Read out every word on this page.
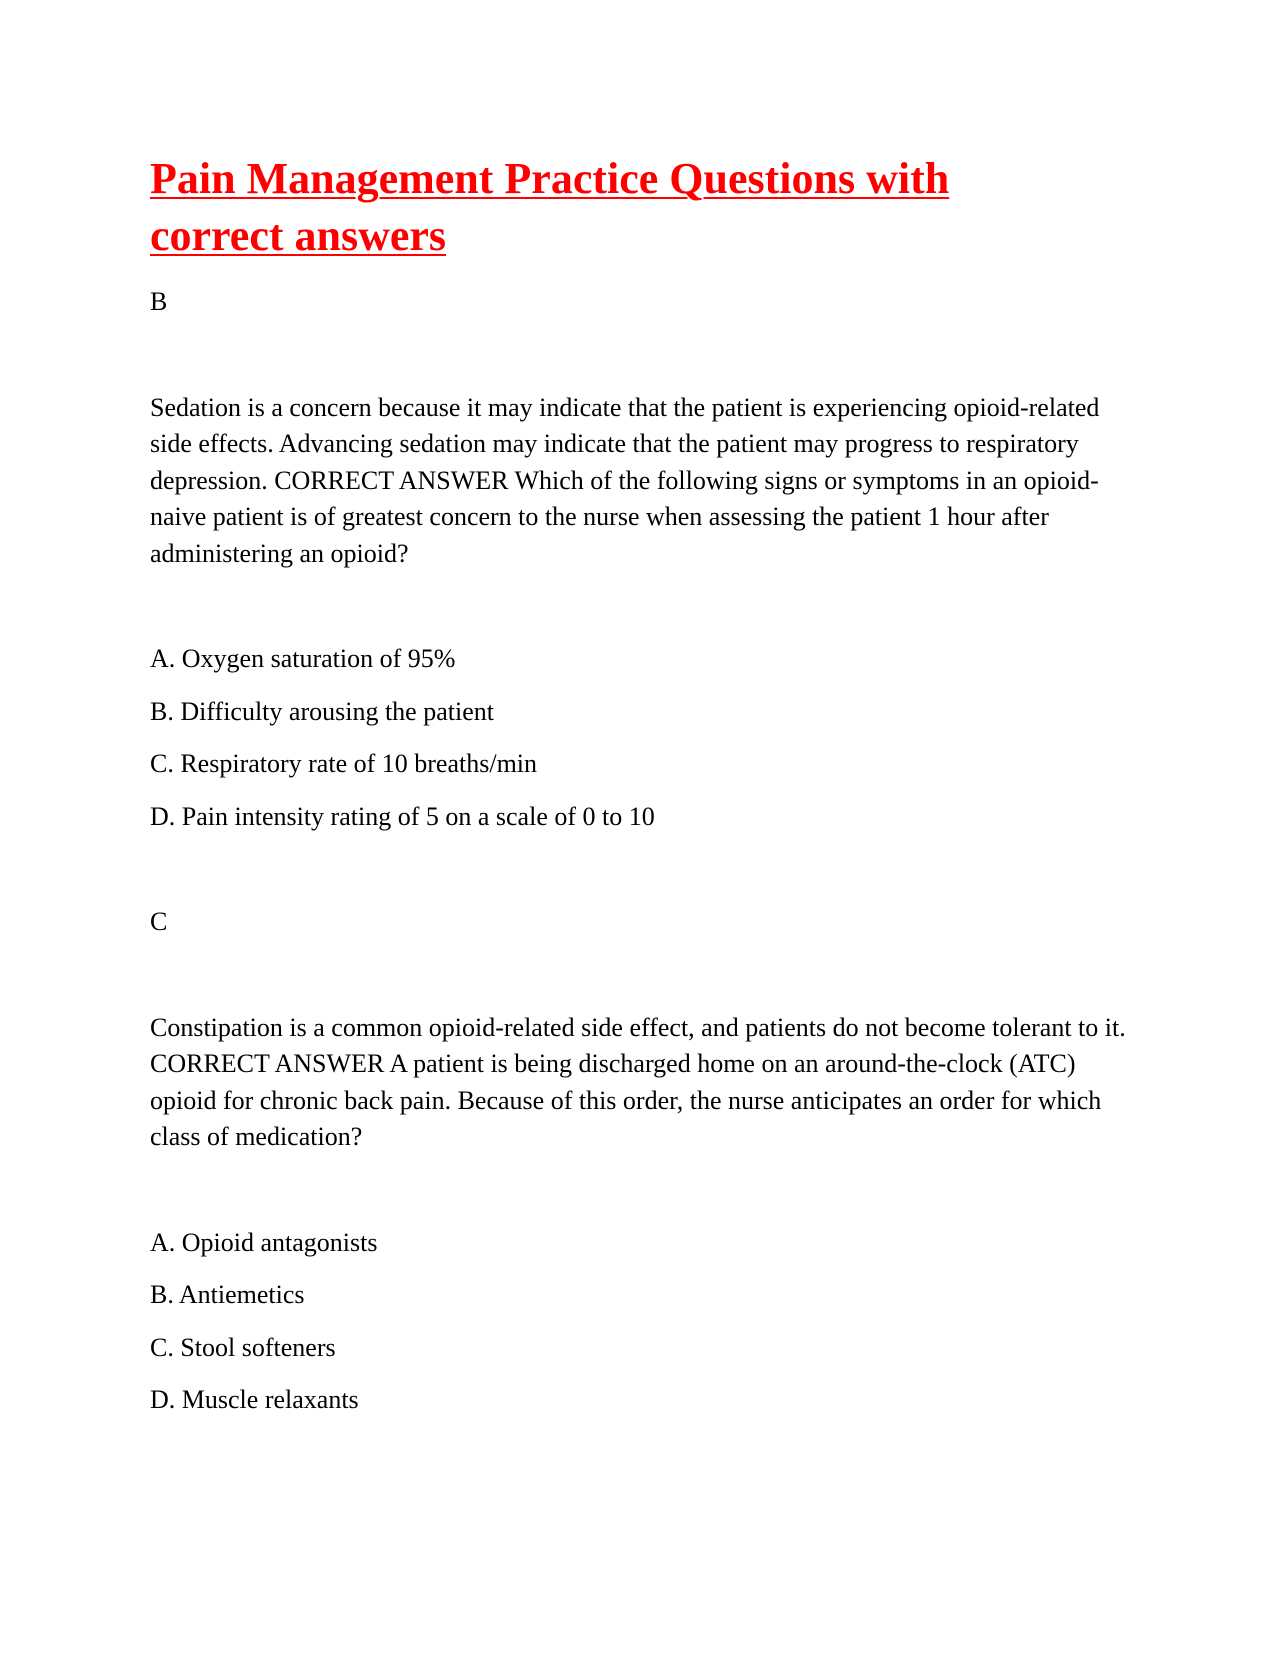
Pain Management Practice Questions with correct answers

B

Sedation is a concern because it may indicate that the patient is experiencing opioid-related side effects. Advancing sedation may indicate that the patient may progress to respiratory depression. CORRECT ANSWER Which of the following signs or symptoms in an opioid-naive patient is of greatest concern to the nurse when assessing the patient 1 hour after administering an opioid?

A. Oxygen saturation of 95%

B. Difficulty arousing the patient

C. Respiratory rate of 10 breaths/min

D. Pain intensity rating of 5 on a scale of 0 to 10

C

Constipation is a common opioid-related side effect, and patients do not become tolerant to it. CORRECT ANSWER A patient is being discharged home on an around-the-clock (ATC) opioid for chronic back pain. Because of this order, the nurse anticipates an order for which class of medication?

A. Opioid antagonists

B. Antiemetics

C. Stool softeners

D. Muscle relaxants
